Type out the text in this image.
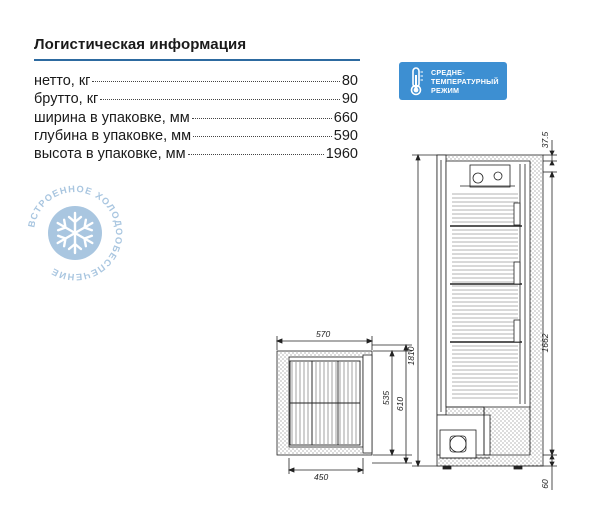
Логистическая информация
нетто, кг	80
брутто, кг	90
ширина в упаковке, мм	660
глубина в упаковке, мм	590
высота в упаковке, мм	1960
СРЕДНЕ-
ТЕМПЕРАТУРНЫЙ
РЕЖИМ
ВСТРОЕННОЕ ХОЛОДООБЕСПЕЧЕНИЕ
570
535 610
450
1810
37.5
1662
60
